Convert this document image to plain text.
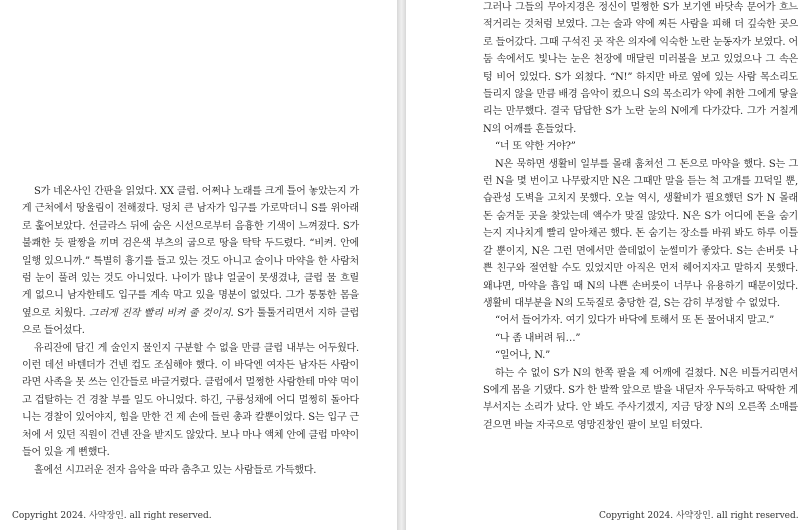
S가 네온사인 간판을 읽었다. XX 클럽. 어쩌나 노래를 크게 틀어 놓았는지 가게 근처에서 땅울림이 전해졌다. 덩치 큰 남자가 입구를 가로막더니 S를 위아래로 훑어보았다. 선글라스 뒤에 숨은 시선으로부터 음흉한 기색이 느껴졌다. S가 불쾌한 듯 팔짱을 끼며 검은색 부츠의 굽으로 땅을 탁탁 두드렸다. “비켜. 안에 일행 있으니까.” 특별히 흉기를 들고 있는 것도 아니고 술이나 마약을 한 사람처럼 눈이 풀려 있는 것도 아니었다. 나이가 많냐 얼굴이 못생겼냐, 클럽 물 흐릴 게 없으니 남자한테도 입구를 계속 막고 있을 명분이 없었다. 그가 통통한 몸을 옆으로 치웠다. 그러게 진작 빨리 비켜 줄 것이지. S가 툴툴거리면서 지하 클럽으로 들어섰다.

유리잔에 담긴 게 술인지 물인지 구분할 수 없을 만큼 클럽 내부는 어두웠다. 이런 데선 바텐더가 건넨 컵도 조심해야 했다. 이 바닥엔 여자든 남자든 사람이라면 사족을 못 쓰는 인간들로 바글거렸다. 클럽에서 멀쩡한 사람한테 마약 먹이고 겁탈하는 건 경찰 부를 일도 아니었다. 하긴, 구룡성채에 어디 멀쩡히 돌아다니는 경찰이 있어야지, 힘을 만한 건 제 손에 들린 총과 칼뿐이었다. S는 입구 근처에 서 있던 직원이 건넨 잔을 받지도 않았다. 보나 마나 액체 안에 클럽 마약이 들어 있을 게 뻔했다.

홀에선 시끄러운 전자 음악을 따라 춤추고 있는 사람들로 가득했다.

Copyright 2024. 사약장인. all right reserved.

그러나 그들의 무아지경은 정신이 멀쩡한 S가 보기엔 바닷속 문어가 흐느적거리는 것처럼 보였다. 그는 술과 약에 찌든 사람을 피해 더 깊숙한 곳으로 들어갔다. 그때 구석진 곳 작은 의자에 익숙한 노란 눈동자가 보였다. 어둠 속에서도 빛나는 눈은 천장에 매달린 미러볼을 보고 있었으나 그 속은 텅 비어 있었다. S가 외쳤다. “N!” 하지만 바로 옆에 있는 사람 목소리도 들리지 않을 만큼 배경 음악이 컸으니 S의 목소리가 약에 취한 그에게 닿을 리는 만무했다. 결국 답답한 S가 노란 눈의 N에게 다가갔다. 그가 거칠게 N의 어깨를 흔들었다.

“너 또 약한 거야?”

N은 묵하면 생활비 일부를 몰래 훔쳐선 그 돈으로 마약을 했다. S는 그런 N을 몇 번이고 나무랐지만 N은 그때만 말을 듣는 척 고개를 끄덕일 뿐, 습관성 도벽을 고치지 못했다. 오늘 역시, 생활비가 필요했던 S가 N 몰래 돈 숨겨둔 곳을 찾았는데 액수가 맞질 않았다. N은 S가 어디에 돈을 숨기는지 지나치게 빨리 알아채곤 했다. 돈 숨기는 장소를 바꿔 봐도 하루 이틀 갈 뿐이지, N은 그런 면에서만 쓸데없이 눈썰미가 좋았다. S는 손버릇 나쁜 친구와 절연할 수도 있었지만 아직은 먼저 헤어지자고 말하지 못했다. 왜냐면, 마약을 흡입 때 N의 나쁜 손버릇이 너무나 유용하기 때문이었다. 생활비 대부분을 N의 도둑질로 충당한 걸, S는 감히 부정할 수 없었다.

“어서 들어가자. 여기 있다가 바닥에 토해서 또 돈 물어내지 말고.”

“나 좀 내버려 둬…”

“일어나, N.”

하는 수 없이 S가 N의 한쪽 팔을 제 어깨에 걸쳤다. N은 비틀거리면서 S에게 몸을 기댔다. S가 한 발짝 앞으로 발을 내딛자 우두둑하고 딱딱한 게 부서지는 소리가 났다. 안 봐도 주사기겠지, 지금 당장 N의 오른쪽 소매를 걷으면 바늘 자국으로 영망진창인 팔이 보일 터였다.

Copyright 2024. 사약장인. all right reserved.
